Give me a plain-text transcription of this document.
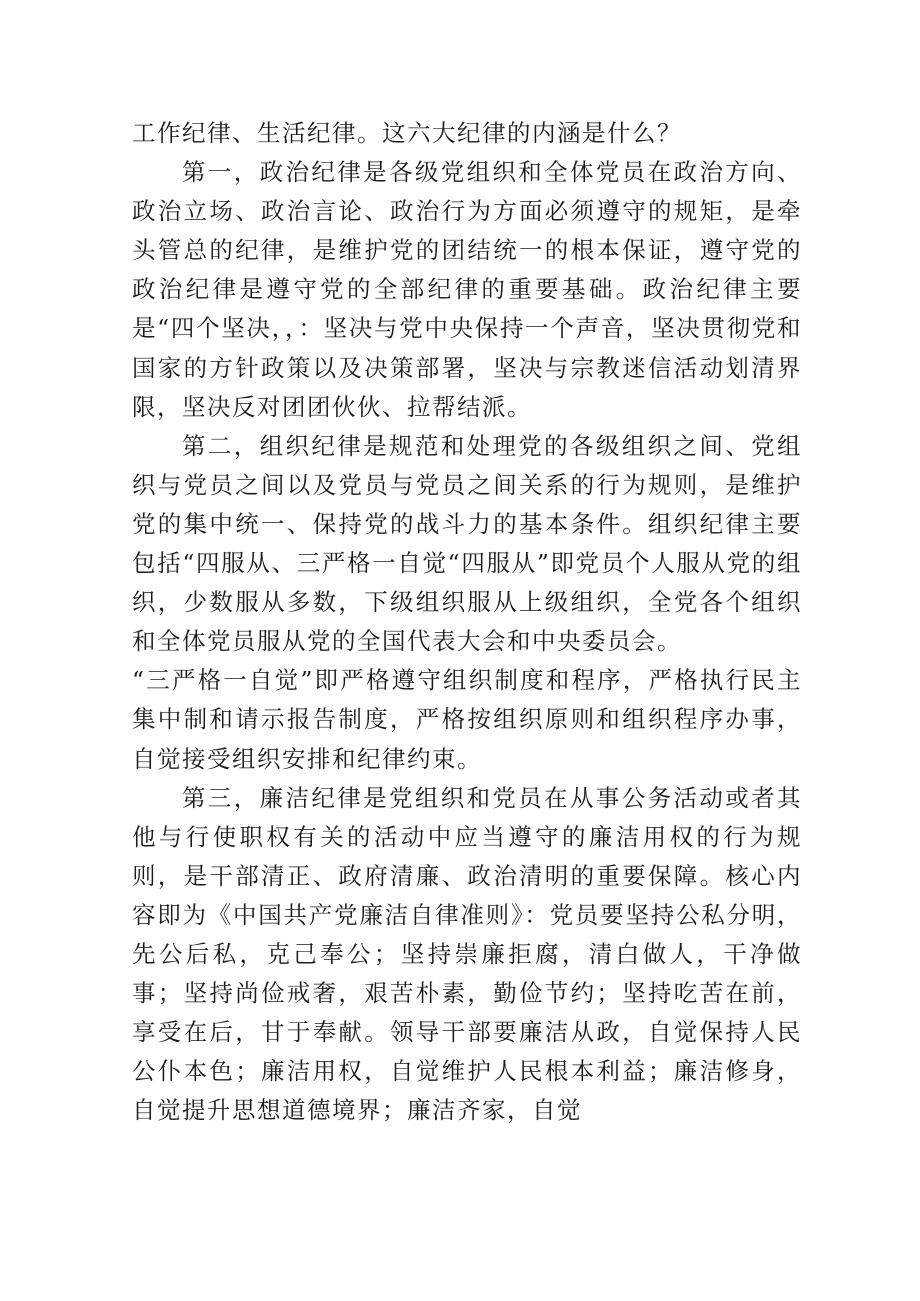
工作纪律、生活纪律。这六大纪律的内涵是什么？

第一，政治纪律是各级党组织和全体党员在政治方向、政治立场、政治言论、政治行为方面必须遵守的规矩，是牵头管总的纪律，是维护党的团结统一的根本保证，遵守党的政治纪律是遵守党的全部纪律的重要基础。政治纪律主要是“四个坚决，，：坚决与党中央保持一个声音，坚决贯彻党和国家的方针政策以及决策部署，坚决与宗教迷信活动划清界限，坚决反对团团伙伙、拉帮结派。

第二，组织纪律是规范和处理党的各级组织之间、党组织与党员之间以及党员与党员之间关系的行为规则，是维护党的集中统一、保持党的战斗力的基本条件。组织纪律主要包括“四服从、三严格一自觉“四服从”即党员个人服从党的组织，少数服从多数，下级组织服从上级组织，全党各个组织和全体党员服从党的全国代表大会和中央委员会。

“三严格一自觉”即严格遵守组织制度和程序，严格执行民主集中制和请示报告制度，严格按组织原则和组织程序办事，自觉接受组织安排和纪律约束。

第三，廉洁纪律是党组织和党员在从事公务活动或者其他与行使职权有关的活动中应当遵守的廉洁用权的行为规则，是干部清正、政府清廉、政治清明的重要保障。核心内容即为《中国共产党廉洁自律准则》：党员要坚持公私分明，先公后私，克己奉公；坚持崇廉拒腐，清白做人，干净做事；坚持尚俭戒奢，艰苦朴素，勤俭节约；坚持吃苦在前，享受在后，甘于奉献。领导干部要廉洁从政，自觉保持人民公仆本色；廉洁用权，自觉维护人民根本利益；廉洁修身，自觉提升思想道德境界；廉洁齐家，自觉
